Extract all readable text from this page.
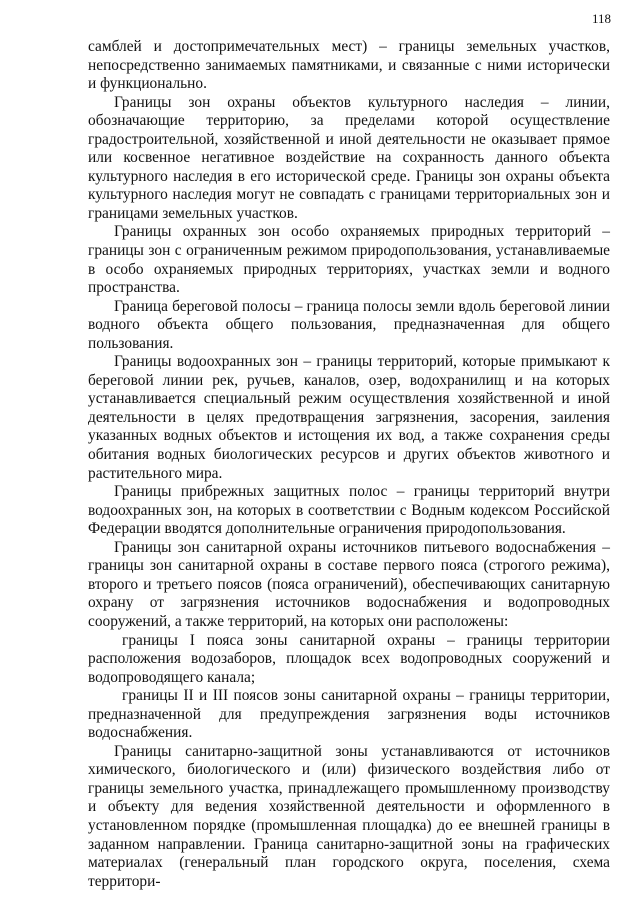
118

самблей и достопримечательных мест) – границы земельных участков, непосредственно занимаемых памятниками, и связанные с ними исторически и функционально.

Границы зон охраны объектов культурного наследия – линии, обозначающие территорию, за пределами которой осуществление градостроительной, хозяйственной и иной деятельности не оказывает прямое или косвенное негативное воздействие на сохранность данного объекта культурного наследия в его исторической среде. Границы зон охраны объекта культурного наследия могут не совпадать с границами территориальных зон и границами земельных участков.

Границы охранных зон особо охраняемых природных территорий – границы зон с ограниченным режимом природопользования, устанавливаемые в особо охраняемых природных территориях, участках земли и водного пространства.

Граница береговой полосы – граница полосы земли вдоль береговой линии водного объекта общего пользования, предназначенная для общего пользования.

Границы водоохранных зон – границы территорий, которые примыкают к береговой линии рек, ручьев, каналов, озер, водохранилищ и на которых устанавливается специальный режим осуществления хозяйственной и иной деятельности в целях предотвращения загрязнения, засорения, заиления указанных водных объектов и истощения их вод, а также сохранения среды обитания водных биологических ресурсов и других объектов животного и растительного мира.

Границы прибрежных защитных полос – границы территорий внутри водоохранных зон, на которых в соответствии с Водным кодексом Российской Федерации вводятся дополнительные ограничения природопользования.

Границы зон санитарной охраны источников питьевого водоснабжения – границы зон санитарной охраны в составе первого пояса (строгого режима), второго и третьего поясов (пояса ограничений), обеспечивающих санитарную охрану от загрязнения источников водоснабжения и водопроводных сооружений, а также территорий, на которых они расположены:

границы I пояса зоны санитарной охраны – границы территории расположения водозаборов, площадок всех водопроводных сооружений и водопроводящего канала;

границы II и III поясов зоны санитарной охраны – границы территории, предназначенной для предупреждения загрязнения воды источников водоснабжения.

Границы санитарно-защитной зоны устанавливаются от источников химического, биологического и (или) физического воздействия либо от границы земельного участка, принадлежащего промышленному производству и объекту для ведения хозяйственной деятельности и оформленного в установленном порядке (промышленная площадка) до ее внешней границы в заданном направлении. Граница санитарно-защитной зоны на графических материалах (генеральный план городского округа, поселения, схема территори-
